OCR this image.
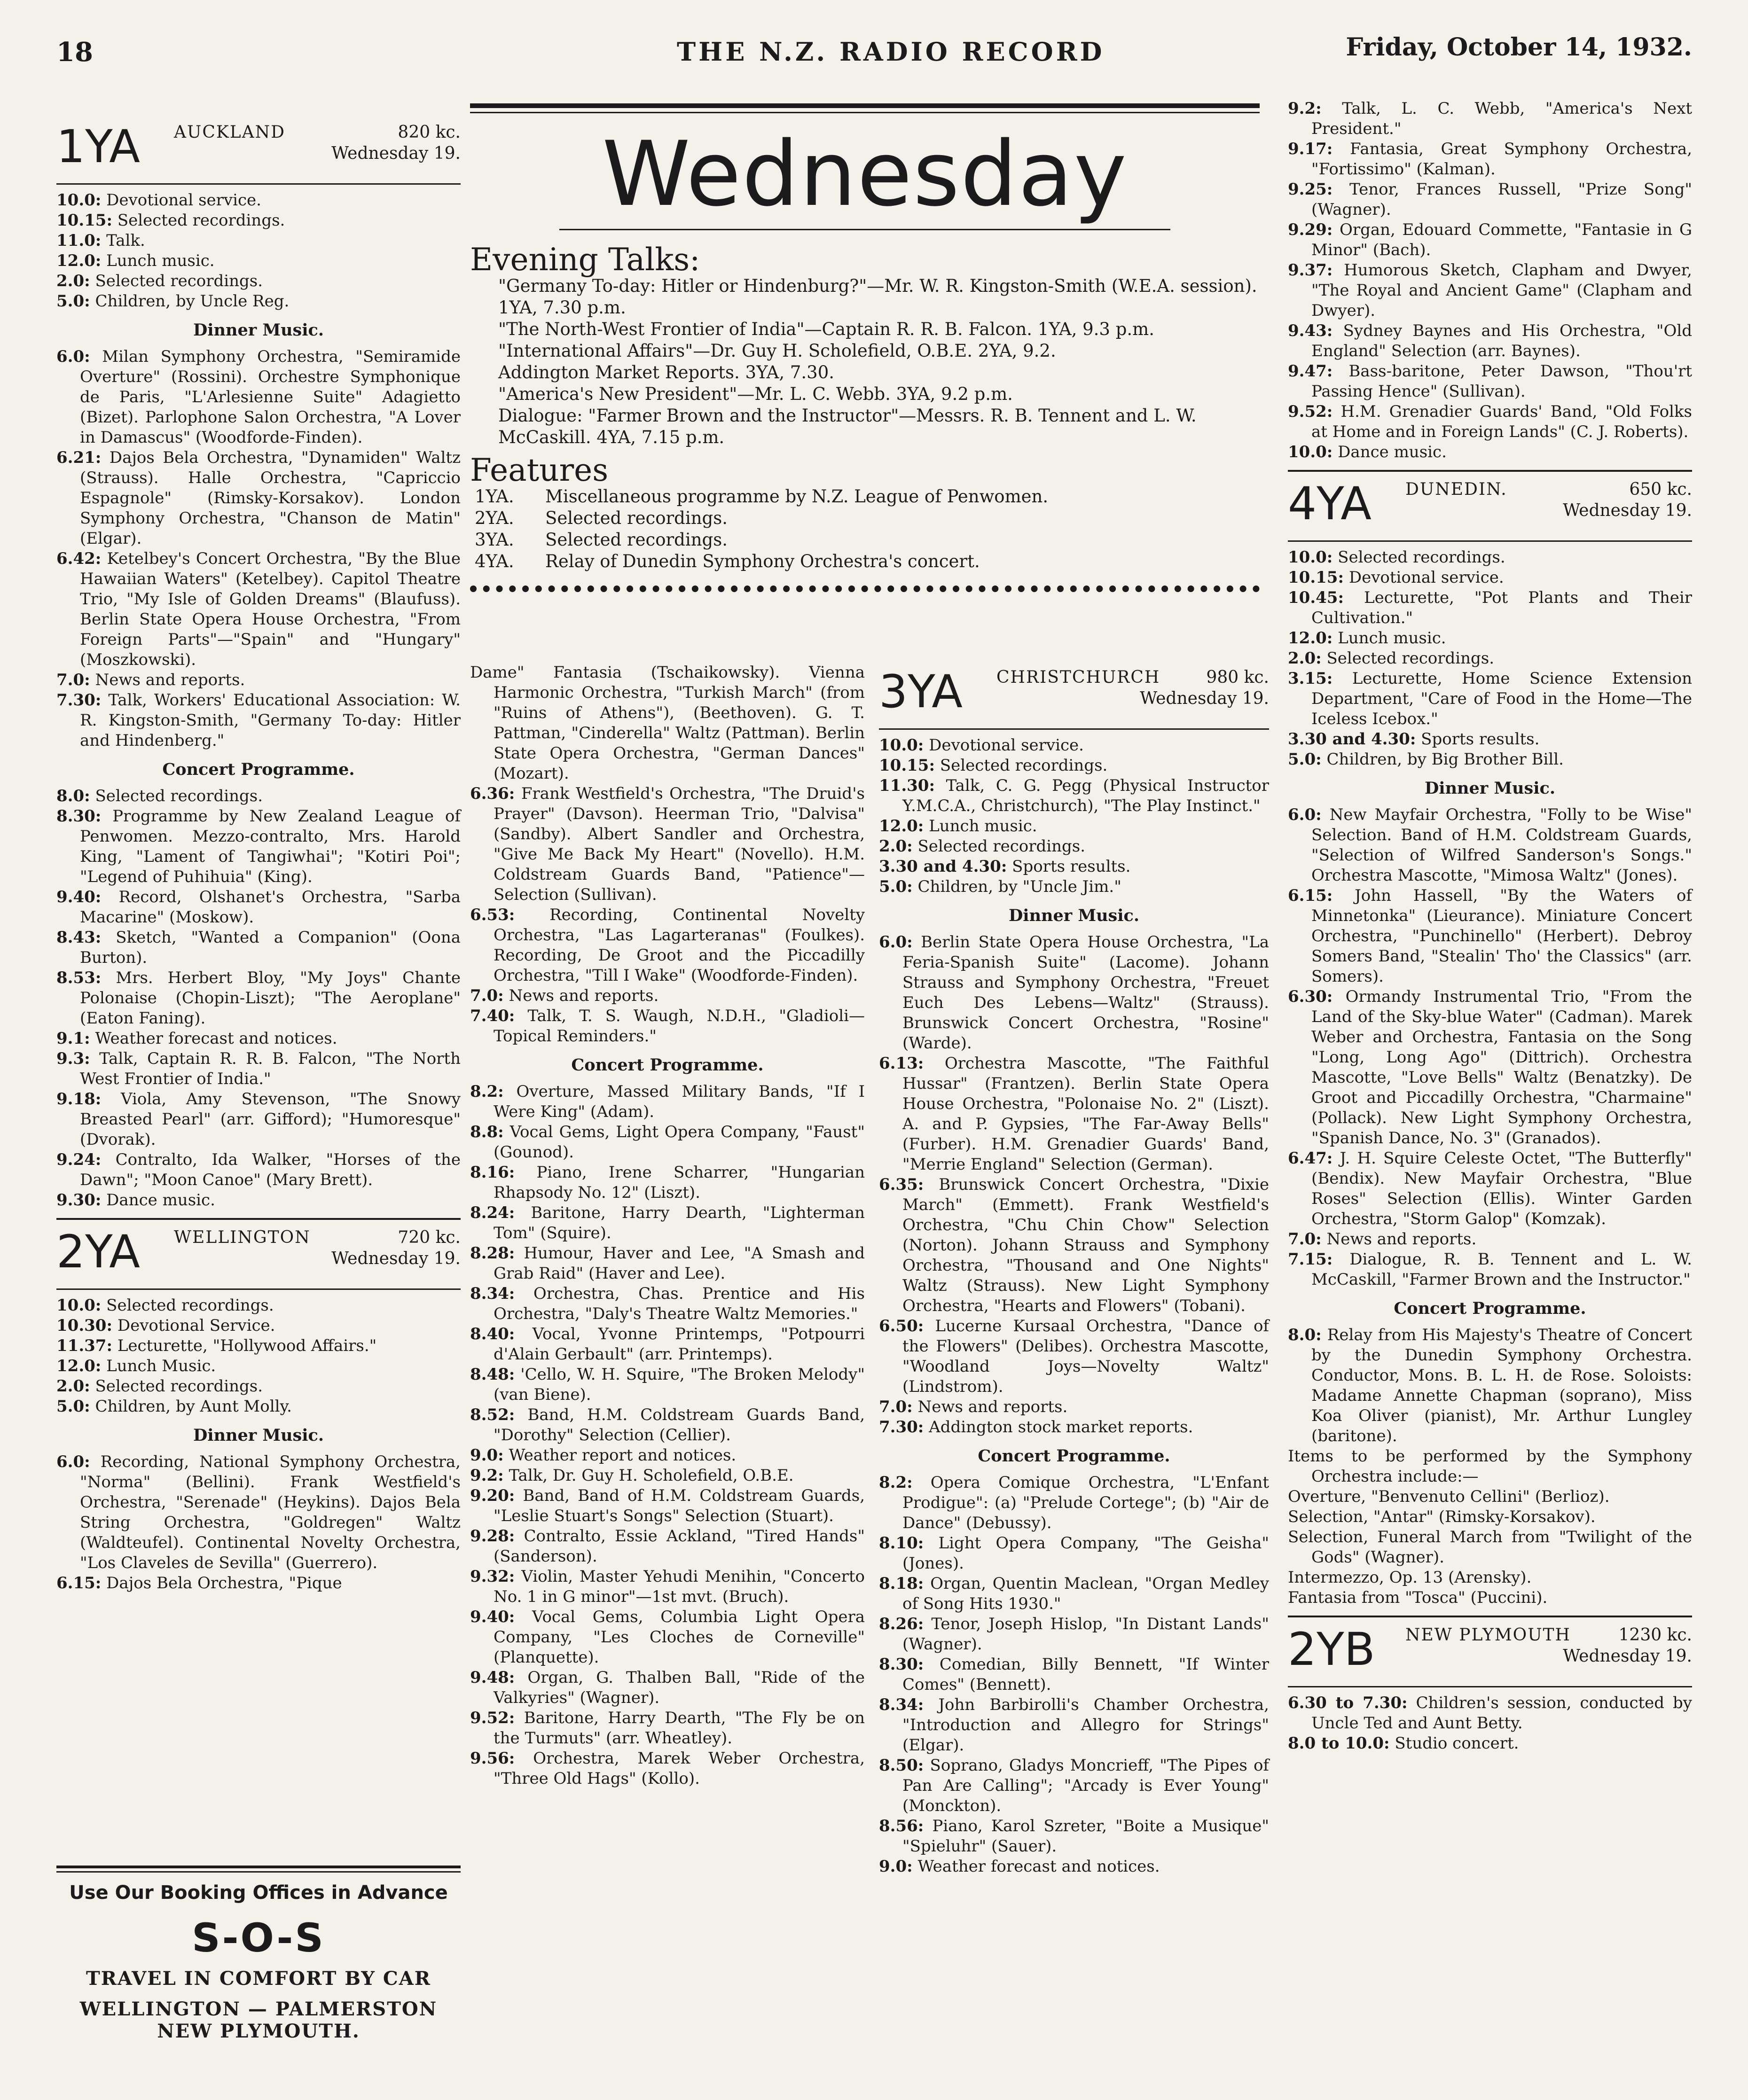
18	THE N.Z. RADIO RECORD	Friday, October 14, 1932.
1YA AUCKLAND	820 kc.
Wednesday 19.

10.0: Devotional service.

10.15: Selected recordings.

11.0: Talk.

12.0: Lunch music.

2.0: Selected recordings.

5.0: Children, by Uncle Reg.

Dinner Music.

6.0: Milan Symphony Orchestra, "Semiramide Overture" (Rossini). Orchestre Symphonique de Paris, "L'Arlesienne Suite" Adagietto (Bizet). Parlophone Salon Orchestra, "A Lover in Damascus" (Woodforde-Finden).

6.21: Dajos Bela Orchestra, "Dynamiden" Waltz (Strauss). Halle Orchestra, "Capriccio Espagnole" (Rimsky-Korsakov). London Symphony Orchestra, "Chanson de Matin" (Elgar).

6.42: Ketelbey's Concert Orchestra, "By the Blue Hawaiian Waters" (Ketelbey). Capitol Theatre Trio, "My Isle of Golden Dreams" (Blaufuss). Berlin State Opera House Orchestra, "From Foreign Parts"—"Spain" and "Hungary" (Moszkowski).

7.0: News and reports.

7.30: Talk, Workers' Educational Association: W. R. Kingston-Smith, "Germany To-day: Hitler and Hindenberg."

Concert Programme.

8.0: Selected recordings.

8.30: Programme by New Zealand League of Penwomen. Mezzo-contralto, Mrs. Harold King, "Lament of Tangiwhai"; "Kotiri Poi"; "Legend of Puhihuia" (King).

9.40: Record, Olshanet's Orchestra, "Sarba Macarine" (Moskow).

8.43: Sketch, "Wanted a Companion" (Oona Burton).

8.53: Mrs. Herbert Bloy, "My Joys" Chante Polonaise (Chopin-Liszt); "The Aeroplane" (Eaton Faning).

9.1: Weather forecast and notices.

9.3: Talk, Captain R. R. B. Falcon, "The North West Frontier of India."

9.18: Viola, Amy Stevenson, "The Snowy Breasted Pearl" (arr. Gifford); "Humoresque" (Dvorak).

9.24: Contralto, Ida Walker, "Horses of the Dawn"; "Moon Canoe" (Mary Brett).

9.30: Dance music.

2YA WELLINGTON	720 kc.
Wednesday 19.

10.0: Selected recordings.

10.30: Devotional Service.

11.37: Lecturette, "Hollywood Affairs."

12.0: Lunch Music.

2.0: Selected recordings.

5.0: Children, by Aunt Molly.

Dinner Music.

6.0: Recording, National Symphony Orchestra, "Norma" (Bellini). Frank Westfield's Orchestra, "Serenade" (Heykins). Dajos Bela String Orchestra, "Goldregen" Waltz (Waldteufel). Continental Novelty Orchestra, "Los Claveles de Sevilla" (Guerrero).

6.15: Dajos Bela Orchestra, "Pique

Use Our Booking Offices in Advance
S-O-S
TRAVEL IN COMFORT BY CAR
WELLINGTON — PALMERSTON NEW PLYMOUTH.
Wednesday
Evening Talks:

"Germany To-day: Hitler or Hindenburg?"—Mr. W. R. Kingston-Smith (W.E.A. session). 1YA, 7.30 p.m.

"The North-West Frontier of India"—Captain R. R. B. Falcon. 1YA, 9.3 p.m.

"International Affairs"—Dr. Guy H. Scholefield, O.B.E. 2YA, 9.2.

Addington Market Reports. 3YA, 7.30.

"America's New President"—Mr. L. C. Webb. 3YA, 9.2 p.m.

Dialogue: "Farmer Brown and the Instructor"—Messrs. R. B. Tennent and L. W. McCaskill. 4YA, 7.15 p.m.

Features
1YA. Miscellaneous programme by N.Z. League of Penwomen.
2YA. Selected recordings.
3YA. Selected recordings.
4YA. Relay of Dunedin Symphony Orchestra's concert.

Dame" Fantasia (Tschaikowsky). Vienna Harmonic Orchestra, "Turkish March" (from "Ruins of Athens"), (Beethoven). G. T. Pattman, "Cinderella" Waltz (Pattman). Berlin State Opera Orchestra, "German Dances" (Mozart).

6.36: Frank Westfield's Orchestra, "The Druid's Prayer" (Davson). Heerman Trio, "Dalvisa" (Sandby). Albert Sandler and Orchestra, "Give Me Back My Heart" (Novello). H.M. Coldstream Guards Band, "Patience"—Selection (Sullivan).

6.53: Recording, Continental Novelty Orchestra, "Las Lagarteranas" (Foulkes). Recording, De Groot and the Piccadilly Orchestra, "Till I Wake" (Woodforde-Finden).

7.0: News and reports.

7.40: Talk, T. S. Waugh, N.D.H., "Gladioli—Topical Reminders."

Concert Programme.

8.2: Overture, Massed Military Bands, "If I Were King" (Adam).

8.8: Vocal Gems, Light Opera Company, "Faust" (Gounod).

8.16: Piano, Irene Scharrer, "Hungarian Rhapsody No. 12" (Liszt).

8.24: Baritone, Harry Dearth, "Lighterman Tom" (Squire).

8.28: Humour, Haver and Lee, "A Smash and Grab Raid" (Haver and Lee).

8.34: Orchestra, Chas. Prentice and His Orchestra, "Daly's Theatre Waltz Memories."

8.40: Vocal, Yvonne Printemps, "Potpourri d'Alain Gerbault" (arr. Printemps).

8.48: 'Cello, W. H. Squire, "The Broken Melody" (van Biene).

8.52: Band, H.M. Coldstream Guards Band, "Dorothy" Selection (Cellier).

9.0: Weather report and notices.

9.2: Talk, Dr. Guy H. Scholefield, O.B.E.

9.20: Band, Band of H.M. Coldstream Guards, "Leslie Stuart's Songs" Selection (Stuart).

9.28: Contralto, Essie Ackland, "Tired Hands" (Sanderson).

9.32: Violin, Master Yehudi Menihin, "Concerto No. 1 in G minor"—1st mvt. (Bruch).

9.40: Vocal Gems, Columbia Light Opera Company, "Les Cloches de Corneville" (Planquette).

9.48: Organ, G. Thalben Ball, "Ride of the Valkyries" (Wagner).

9.52: Baritone, Harry Dearth, "The Fly be on the Turmuts" (arr. Wheatley).

9.56: Orchestra, Marek Weber Orchestra, "Three Old Hags" (Kollo).

3YA CHRISTCHURCH	980 kc.
Wednesday 19.

10.0: Devotional service.

10.15: Selected recordings.

11.30: Talk, C. G. Pegg (Physical Instructor Y.M.C.A., Christchurch), "The Play Instinct."

12.0: Lunch music.

2.0: Selected recordings.

3.30 and 4.30: Sports results.

5.0: Children, by "Uncle Jim."

Dinner Music.

6.0: Berlin State Opera House Orchestra, "La Feria-Spanish Suite" (Lacome). Johann Strauss and Symphony Orchestra, "Freuet Euch Des Lebens—Waltz" (Strauss). Brunswick Concert Orchestra, "Rosine" (Warde).

6.13: Orchestra Mascotte, "The Faithful Hussar" (Frantzen). Berlin State Opera House Orchestra, "Polonaise No. 2" (Liszt). A. and P. Gypsies, "The Far-Away Bells" (Furber). H.M. Grenadier Guards' Band, "Merrie England" Selection (German).

6.35: Brunswick Concert Orchestra, "Dixie March" (Emmett). Frank Westfield's Orchestra, "Chu Chin Chow" Selection (Norton). Johann Strauss and Symphony Orchestra, "Thousand and One Nights" Waltz (Strauss). New Light Symphony Orchestra, "Hearts and Flowers" (Tobani).

6.50: Lucerne Kursaal Orchestra, "Dance of the Flowers" (Delibes). Orchestra Mascotte, "Woodland Joys—Novelty Waltz" (Lindstrom).

7.0: News and reports.

7.30: Addington stock market reports.

Concert Programme.

8.2: Opera Comique Orchestra, "L'Enfant Prodigue": (a) "Prelude Cortege"; (b) "Air de Dance" (Debussy).

8.10: Light Opera Company, "The Geisha" (Jones).

8.18: Organ, Quentin Maclean, "Organ Medley of Song Hits 1930."

8.26: Tenor, Joseph Hislop, "In Distant Lands" (Wagner).

8.30: Comedian, Billy Bennett, "If Winter Comes" (Bennett).

8.34: John Barbirolli's Chamber Orchestra, "Introduction and Allegro for Strings" (Elgar).

8.50: Soprano, Gladys Moncrieff, "The Pipes of Pan Are Calling"; "Arcady is Ever Young" (Monckton).

8.56: Piano, Karol Szreter, "Boite a Musique" "Spieluhr" (Sauer).

9.0: Weather forecast and notices.

9.2: Talk, L. C. Webb, "America's Next President."

9.17: Fantasia, Great Symphony Orchestra, "Fortissimo" (Kalman).

9.25: Tenor, Frances Russell, "Prize Song" (Wagner).

9.29: Organ, Edouard Commette, "Fantasie in G Minor" (Bach).

9.37: Humorous Sketch, Clapham and Dwyer, "The Royal and Ancient Game" (Clapham and Dwyer).

9.43: Sydney Baynes and His Orchestra, "Old England" Selection (arr. Baynes).

9.47: Bass-baritone, Peter Dawson, "Thou'rt Passing Hence" (Sullivan).

9.52: H.M. Grenadier Guards' Band, "Old Folks at Home and in Foreign Lands" (C. J. Roberts).

10.0: Dance music.

4YA DUNEDIN.	650 kc.
Wednesday 19.

10.0: Selected recordings.

10.15: Devotional service.

10.45: Lecturette, "Pot Plants and Their Cultivation."

12.0: Lunch music.

2.0: Selected recordings.

3.15: Lecturette, Home Science Extension Department, "Care of Food in the Home—The Iceless Icebox."

3.30 and 4.30: Sports results.

5.0: Children, by Big Brother Bill.

Dinner Music.

6.0: New Mayfair Orchestra, "Folly to be Wise" Selection. Band of H.M. Coldstream Guards, "Selection of Wilfred Sanderson's Songs." Orchestra Mascotte, "Mimosa Waltz" (Jones).

6.15: John Hassell, "By the Waters of Minnetonka" (Lieurance). Miniature Concert Orchestra, "Punchinello" (Herbert). Debroy Somers Band, "Stealin' Tho' the Classics" (arr. Somers).

6.30: Ormandy Instrumental Trio, "From the Land of the Sky-blue Water" (Cadman). Marek Weber and Orchestra, Fantasia on the Song "Long, Long Ago" (Dittrich). Orchestra Mascotte, "Love Bells" Waltz (Benatzky). De Groot and Piccadilly Orchestra, "Charmaine" (Pollack). New Light Symphony Orchestra, "Spanish Dance, No. 3" (Granados).

6.47: J. H. Squire Celeste Octet, "The Butterfly" (Bendix). New Mayfair Orchestra, "Blue Roses" Selection (Ellis). Winter Garden Orchestra, "Storm Galop" (Komzak).

7.0: News and reports.

7.15: Dialogue, R. B. Tennent and L. W. McCaskill, "Farmer Brown and the Instructor."

Concert Programme.

8.0: Relay from His Majesty's Theatre of Concert by the Dunedin Symphony Orchestra. Conductor, Mons. B. L. H. de Rose. Soloists: Madame Annette Chapman (soprano), Miss Koa Oliver (pianist), Mr. Arthur Lungley (baritone).

Items to be performed by the Symphony Orchestra include:—

Overture, "Benvenuto Cellini" (Berlioz).

Selection, "Antar" (Rimsky-Korsakov).

Selection, Funeral March from "Twilight of the Gods" (Wagner).

Intermezzo, Op. 13 (Arensky).

Fantasia from "Tosca" (Puccini).

2YB NEW PLYMOUTH	1230 kc.
Wednesday 19.

6.30 to 7.30: Children's session, conducted by Uncle Ted and Aunt Betty.

8.0 to 10.0: Studio concert.
